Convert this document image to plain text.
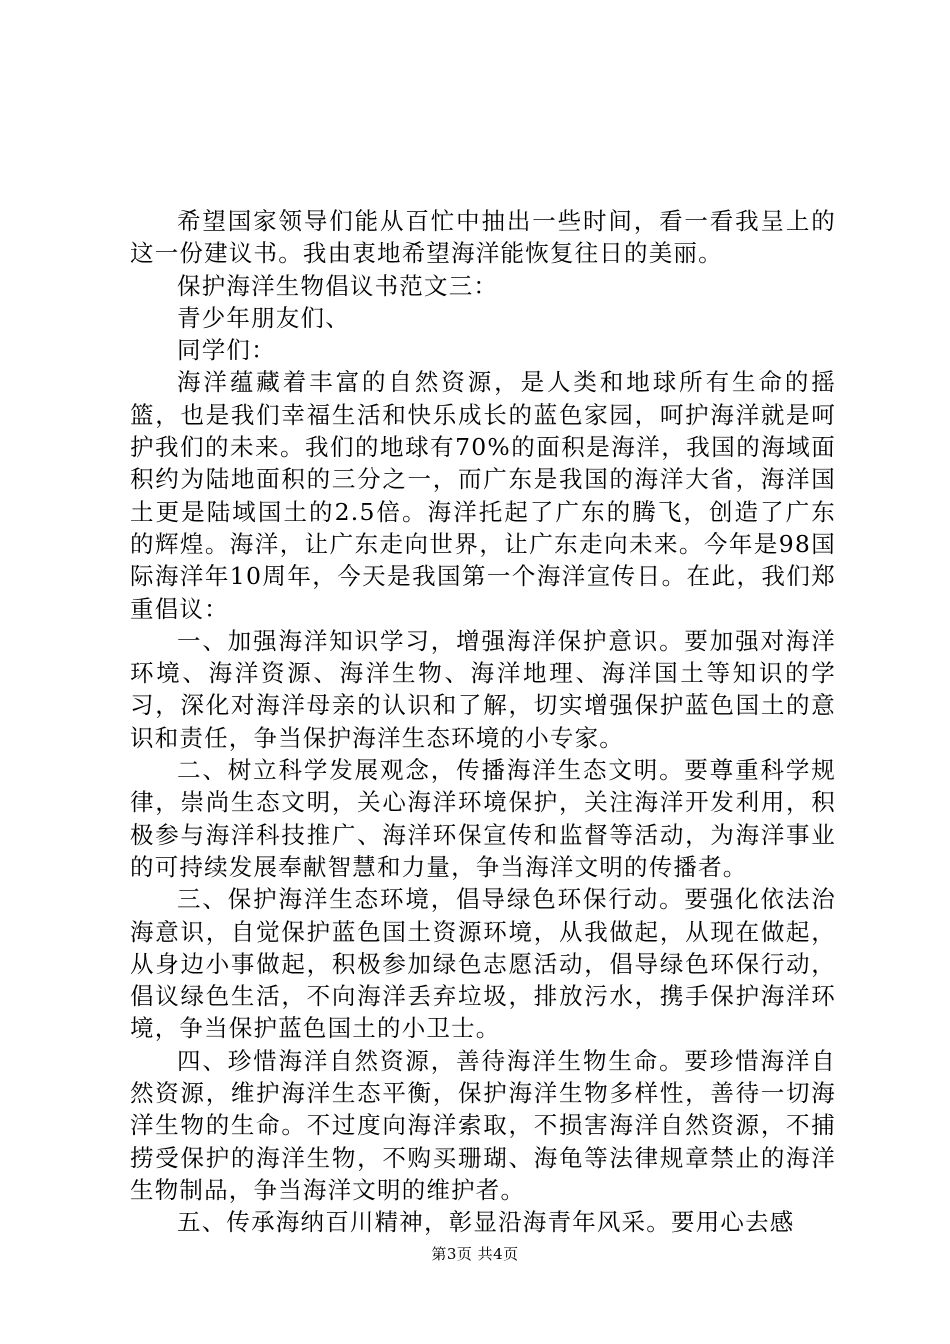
希望国家领导们能从百忙中抽出一些时间，看一看我呈上的这一份建议书。我由衷地希望海洋能恢复往日的美丽。

保护海洋生物倡议书范文三：

青少年朋友们、

同学们：

海洋蕴藏着丰富的自然资源，是人类和地球所有生命的摇篮，也是我们幸福生活和快乐成长的蓝色家园，呵护海洋就是呵护我们的未来。我们的地球有70%的面积是海洋，我国的海域面积约为陆地面积的三分之一，而广东是我国的海洋大省，海洋国土更是陆域国土的2.5倍。海洋托起了广东的腾飞，创造了广东的辉煌。海洋，让广东走向世界，让广东走向未来。今年是98国际海洋年10周年，今天是我国第一个海洋宣传日。在此，我们郑重倡议：

一、加强海洋知识学习，增强海洋保护意识。要加强对海洋环境、海洋资源、海洋生物、海洋地理、海洋国土等知识的学习，深化对海洋母亲的认识和了解，切实增强保护蓝色国土的意识和责任，争当保护海洋生态环境的小专家。

二、树立科学发展观念，传播海洋生态文明。要尊重科学规律，崇尚生态文明，关心海洋环境保护，关注海洋开发利用，积极参与海洋科技推广、海洋环保宣传和监督等活动，为海洋事业的可持续发展奉献智慧和力量，争当海洋文明的传播者。

三、保护海洋生态环境，倡导绿色环保行动。要强化依法治海意识，自觉保护蓝色国土资源环境，从我做起，从现在做起，从身边小事做起，积极参加绿色志愿活动，倡导绿色环保行动，倡议绿色生活，不向海洋丢弃垃圾，排放污水，携手保护海洋环境，争当保护蓝色国土的小卫士。

四、珍惜海洋自然资源，善待海洋生物生命。要珍惜海洋自然资源，维护海洋生态平衡，保护海洋生物多样性，善待一切海洋生物的生命。不过度向海洋索取，不损害海洋自然资源，不捕捞受保护的海洋生物，不购买珊瑚、海龟等法律规章禁止的海洋生物制品，争当海洋文明的维护者。

五、传承海纳百川精神，彰显沿海青年风采。要用心去感

第3页 共4页
